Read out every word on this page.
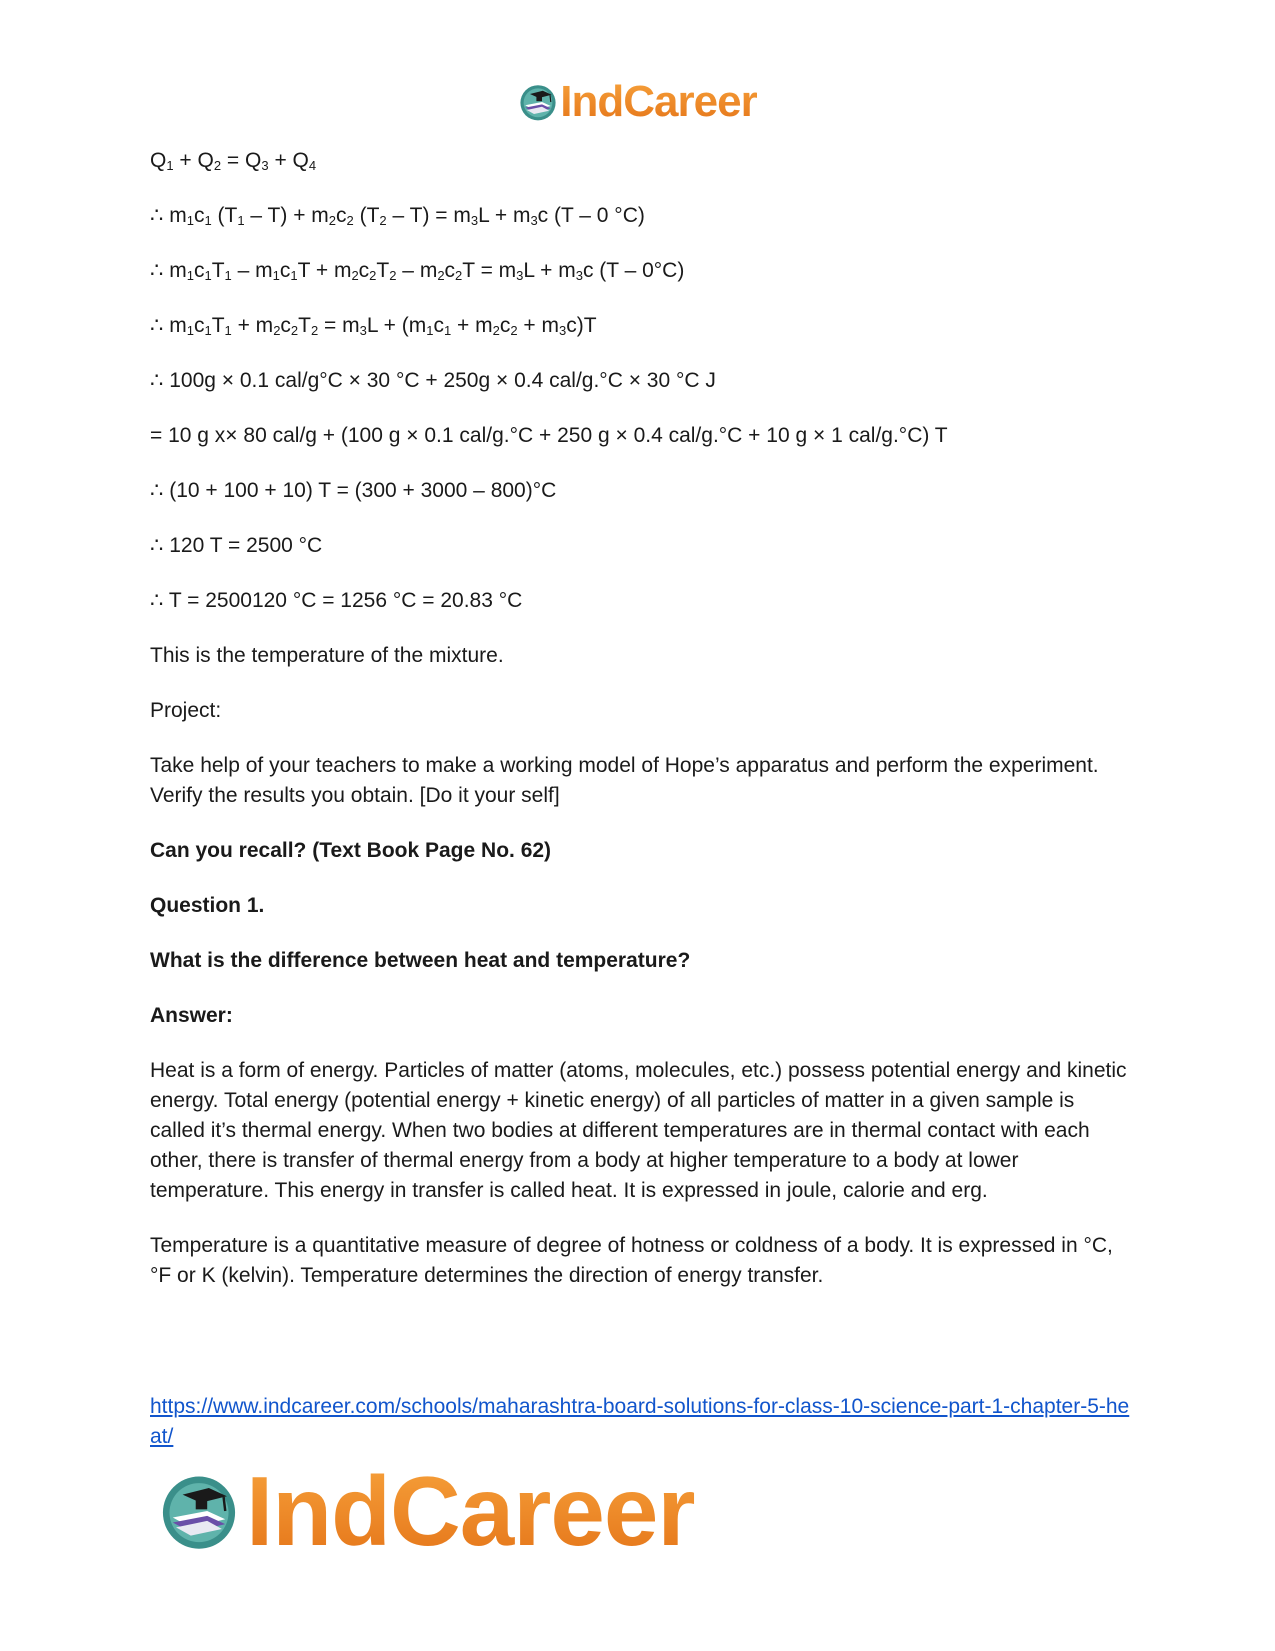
IndCareer
$Q_1 + Q_2 = Q_3 + Q_4$
∴ $m_1c_1$ $(T_1 - T) + m_2c_2$ $(T_2 - T) = m_3L + m_3c$ (T – 0 °C)
∴ $m_1c_1T_1 - m_1c_1T + m_2c_2T_2 - m_2c_2T = m_3L + m_3c$ (T – 0°C)
∴ $m_1c_1T_1 + m_2c_2T_2 = m_3L + (m_1c_1 + m_2c_2 + m_3c)T$
∴ 100g × 0.1 cal/g°C × 30 °C + 250g × 0.4 cal/g.°C × 30 °C J
= 10 g x× 80 cal/g + (100 g × 0.1 cal/g.°C + 250 g × 0.4 cal/g.°C + 10 g × 1 cal/g.°C) T
∴ (10 + 100 + 10) T = (300 + 3000 – 800)°C
∴ 120 T = 2500 °C
∴ T = 2500120 °C = 1256 °C = 20.83 °C

This is the temperature of the mixture.

Project:

Take help of your teachers to make a working model of Hope’s apparatus and perform the experiment. Verify the results you obtain. [Do it your self]

Can you recall? (Text Book Page No. 62)

Question 1.

What is the difference between heat and temperature?

Answer:

Heat is a form of energy. Particles of matter (atoms, molecules, etc.) possess potential energy and kinetic energy. Total energy (potential energy + kinetic energy) of all particles of matter in a given sample is called it’s thermal energy. When two bodies at different temperatures are in thermal contact with each other, there is transfer of thermal energy from a body at higher temperature to a body at lower temperature. This energy in transfer is called heat. It is expressed in joule, calorie and erg.

Temperature is a quantitative measure of degree of hotness or coldness of a body. It is expressed in °C, °F or K (kelvin). Temperature determines the direction of energy transfer.

https://www.indcareer.com/schools/maharashtra-board-solutions-for-class-10-science-part-1-chapter-5-heat/
IndCareer
